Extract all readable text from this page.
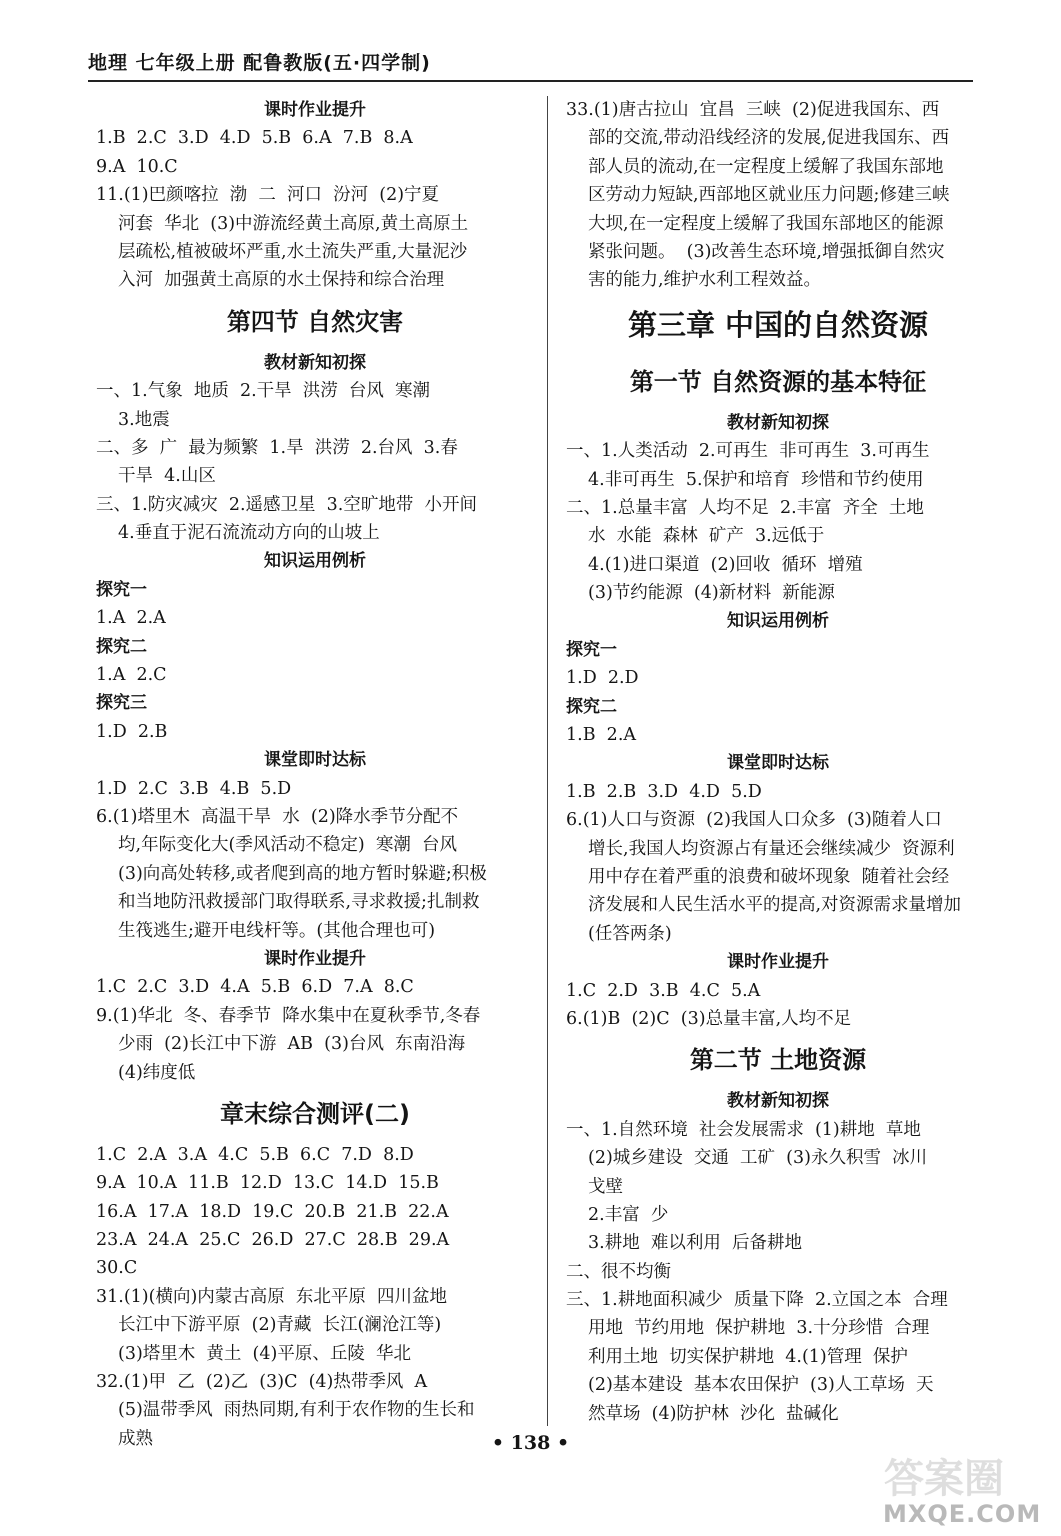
地理 七年级上册 配鲁教版(五·四学制)
课时作业提升
1.B  2.C  3.D  4.D  5.B  6.A  7.B  8.A
9.A  10.C
11.(1)巴颜喀拉  渤  二  河口  汾河  (2)宁夏
河套  华北  (3)中游流经黄土高原,黄土高原土
层疏松,植被破坏严重,水土流失严重,大量泥沙
入河  加强黄土高原的水土保持和综合治理
第四节 自然灾害
教材新知初探
一、1.气象  地质  2.干旱  洪涝  台风  寒潮
3.地震
二、多  广  最为频繁  1.旱  洪涝  2.台风  3.春
干旱  4.山区
三、1.防灾减灾  2.遥感卫星  3.空旷地带  小开间
4.垂直于泥石流流动方向的山坡上
知识运用例析
探究一
1.A  2.A
探究二
1.A  2.C
探究三
1.D  2.B
课堂即时达标
1.D  2.C  3.B  4.B  5.D
6.(1)塔里木  高温干旱  水  (2)降水季节分配不
均,年际变化大(季风活动不稳定)  寒潮  台风
(3)向高处转移,或者爬到高的地方暂时躲避;积极
和当地防汛救援部门取得联系,寻求救援;扎制救
生筏逃生;避开电线杆等。(其他合理也可)
课时作业提升
1.C  2.C  3.D  4.A  5.B  6.D  7.A  8.C
9.(1)华北  冬、春季节  降水集中在夏秋季节,冬春
少雨  (2)长江中下游  AB  (3)台风  东南沿海
(4)纬度低
章末综合测评(二)
1.C  2.A  3.A  4.C  5.B  6.C  7.D  8.D
9.A  10.A  11.B  12.D  13.C  14.D  15.B
16.A  17.A  18.D  19.C  20.B  21.B  22.A
23.A  24.A  25.C  26.D  27.C  28.B  29.A
30.C
31.(1)(横向)内蒙古高原  东北平原  四川盆地
长江中下游平原  (2)青藏  长江(澜沧江等)
(3)塔里木  黄土  (4)平原、丘陵  华北
32.(1)甲  乙  (2)乙  (3)C  (4)热带季风  A
(5)温带季风  雨热同期,有利于农作物的生长和
成熟
33.(1)唐古拉山  宜昌  三峡  (2)促进我国东、西
部的交流,带动沿线经济的发展,促进我国东、西
部人员的流动,在一定程度上缓解了我国东部地
区劳动力短缺,西部地区就业压力问题;修建三峡
大坝,在一定程度上缓解了我国东部地区的能源
紧张问题。  (3)改善生态环境,增强抵御自然灾
害的能力,维护水利工程效益。
第三章 中国的自然资源
第一节 自然资源的基本特征
教材新知初探
一、1.人类活动  2.可再生  非可再生  3.可再生
4.非可再生  5.保护和培育  珍惜和节约使用
二、1.总量丰富  人均不足  2.丰富  齐全  土地
水  水能  森林  矿产  3.远低于
4.(1)进口渠道  (2)回收  循环  增殖
(3)节约能源  (4)新材料  新能源
知识运用例析
探究一
1.D  2.D
探究二
1.B  2.A
课堂即时达标
1.B  2.B  3.D  4.D  5.D
6.(1)人口与资源  (2)我国人口众多  (3)随着人口
增长,我国人均资源占有量还会继续减少  资源利
用中存在着严重的浪费和破坏现象  随着社会经
济发展和人民生活水平的提高,对资源需求量增加
(任答两条)
课时作业提升
1.C  2.D  3.B  4.C  5.A
6.(1)B  (2)C  (3)总量丰富,人均不足
第二节 土地资源
教材新知初探
一、1.自然环境  社会发展需求  (1)耕地  草地
(2)城乡建设  交通  工矿  (3)永久积雪  冰川
戈壁
2.丰富  少
3.耕地  难以利用  后备耕地
二、很不均衡
三、1.耕地面积减少  质量下降  2.立国之本  合理
用地  节约用地  保护耕地  3.十分珍惜  合理
利用土地  切实保护耕地  4.(1)管理  保护
(2)基本建设  基本农田保护  (3)人工草场  天
然草场  (4)防护林  沙化  盐碱化
• 138 •
答案圈
MXQE.COM
